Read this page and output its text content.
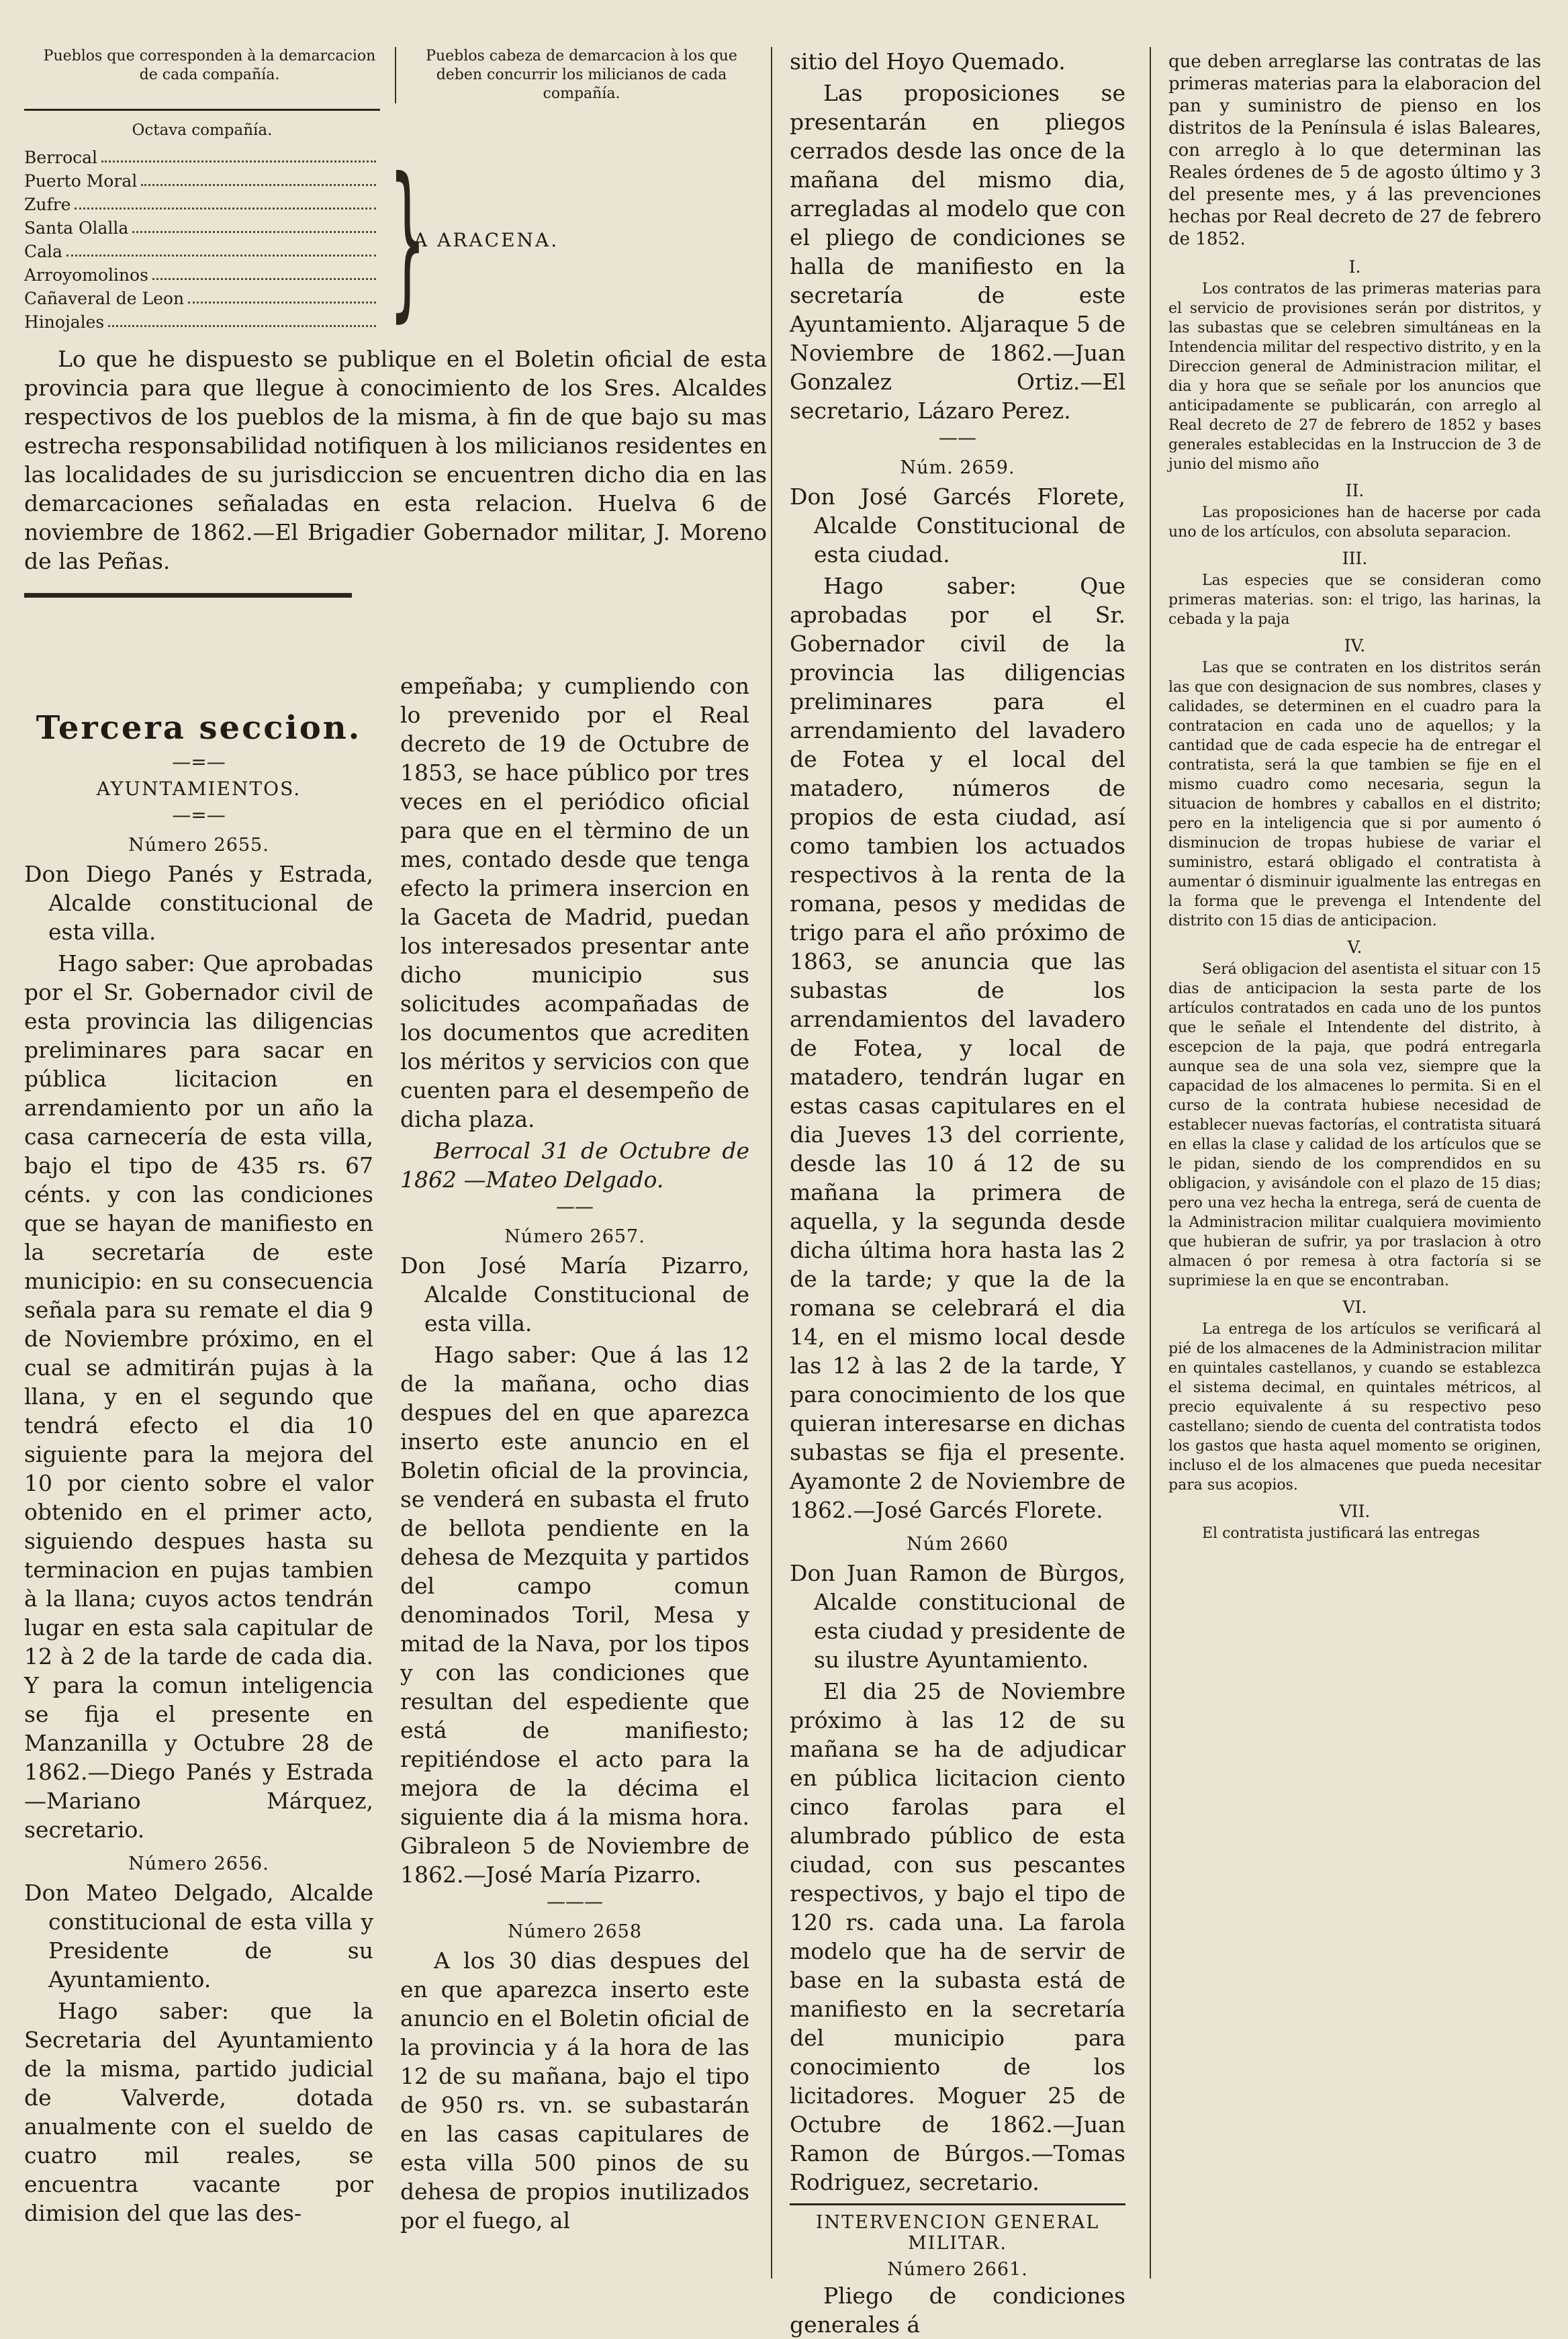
Pueblos que corresponden à la demarcacion de cada compañía.
Pueblos cabeza de demarcacion à los que deben concurrir los milicianos de cada compañía.
Octava compañía.
Berrocal
Puerto Moral
Zufre
Santa Olalla
Cala
Arroyomolinos
Cañaveral de Leon
Hinojales }
A ARACENA.

Lo que he dispuesto se publique en el Boletin oficial de esta provincia para que llegue à conocimiento de los Sres. Alcaldes respectivos de los pueblos de la misma, à fin de que bajo su mas estrecha responsabilidad notifiquen à los milicianos residentes en las localidades de su jurisdiccion se encuentren dicho dia en las demarcaciones señaladas en esta relacion. Huelva 6 de noviembre de 1862.—El Brigadier Gobernador militar, J. Moreno de las Peñas.

Tercera seccion.
—=—
AYUNTAMIENTOS.
—=—
Número 2655.

Don Diego Panés y Estrada, Alcalde constitucional de esta villa.

Hago saber: Que aprobadas por el Sr. Gobernador civil de esta provincia las diligencias preliminares para sacar en pública licitacion en arrendamiento por un año la casa carnecería de esta villa, bajo el tipo de 435 rs. 67 cénts. y con las condiciones que se hayan de manifiesto en la secretaría de este municipio: en su consecuencia señala para su remate el dia 9 de Noviembre próximo, en el cual se admitirán pujas à la llana, y en el segundo que tendrá efecto el dia 10 siguiente para la mejora del 10 por ciento sobre el valor obtenido en el primer acto, siguiendo despues hasta su terminacion en pujas tambien à la llana; cuyos actos tendrán lugar en esta sala capitular de 12 à 2 de la tarde de cada dia. Y para la comun inteligencia se fija el presente en Manzanilla y Octubre 28 de 1862.—Diego Panés y Estrada —Mariano Márquez, secretario.

Número 2656.

Don Mateo Delgado, Alcalde constitucional de esta villa y Presidente de su Ayuntamiento.

Hago saber: que la Secretaria del Ayuntamiento de la misma, partido judicial de Valverde, dotada anualmente con el sueldo de cuatro mil reales, se encuentra vacante por dimision del que las des-

empeñaba; y cumpliendo con lo prevenido por el Real decreto de 19 de Octubre de 1853, se hace público por tres veces en el periódico oficial para que en el tèrmino de un mes, contado desde que tenga efecto la primera insercion en la Gaceta de Madrid, puedan los interesados presentar ante dicho municipio sus solicitudes acompañadas de los documentos que acrediten los méritos y servicios con que cuenten para el desempeño de dicha plaza.

Berrocal 31 de Octubre de 1862 —Mateo Delgado.

——
Número 2657.

Don José María Pizarro, Alcalde Constitucional de esta villa.

Hago saber: Que á las 12 de la mañana, ocho dias despues del en que aparezca inserto este anuncio en el Boletin oficial de la provincia, se venderá en subasta el fruto de bellota pendiente en la dehesa de Mezquita y partidos del campo comun denominados Toril, Mesa y mitad de la Nava, por los tipos y con las condiciones que resultan del espediente que está de manifiesto; repitiéndose el acto para la mejora de la décima el siguiente dia á la misma hora. Gibraleon 5 de Noviembre de 1862.—José María Pizarro.

———
Número 2658

A los 30 dias despues del en que aparezca inserto este anuncio en el Boletin oficial de la provincia y á la hora de las 12 de su mañana, bajo el tipo de 950 rs. vn. se subastarán en las casas capitulares de esta villa 500 pinos de su dehesa de propios inutilizados por el fuego, al

sitio del Hoyo Quemado.

Las proposiciones se presentarán en pliegos cerrados desde las once de la mañana del mismo dia, arregladas al modelo que con el pliego de condiciones se halla de manifiesto en la secretaría de este Ayuntamiento. Aljaraque 5 de Noviembre de 1862.—Juan Gonzalez Ortiz.—El secretario, Lázaro Perez.

——
Núm. 2659.

Don José Garcés Florete, Alcalde Constitucional de esta ciudad.

Hago saber: Que aprobadas por el Sr. Gobernador civil de la provincia las diligencias preliminares para el arrendamiento del lavadero de Fotea y el local del matadero, números de propios de esta ciudad, así como tambien los actuados respectivos à la renta de la romana, pesos y medidas de trigo para el año próximo de 1863, se anuncia que las subastas de los arrendamientos del lavadero de Fotea, y local de matadero, tendrán lugar en estas casas capitulares en el dia Jueves 13 del corriente, desde las 10 á 12 de su mañana la primera de aquella, y la segunda desde dicha última hora hasta las 2 de la tarde; y que la de la romana se celebrará el dia 14, en el mismo local desde las 12 à las 2 de la tarde, Y para conocimiento de los que quieran interesarse en dichas subastas se fija el presente. Ayamonte 2 de Noviembre de 1862.—José Garcés Florete.

Núm 2660

Don Juan Ramon de Bùrgos, Alcalde constitucional de esta ciudad y presidente de su ilustre Ayuntamiento.

El dia 25 de Noviembre próximo à las 12 de su mañana se ha de adjudicar en pública licitacion ciento cinco farolas para el alumbrado público de esta ciudad, con sus pescantes respectivos, y bajo el tipo de 120 rs. cada una. La farola modelo que ha de servir de base en la subasta está de manifiesto en la secretaría del municipio para conocimiento de los licitadores. Moguer 25 de Octubre de 1862.—Juan Ramon de Búrgos.—Tomas Rodriguez, secretario.

INTERVENCION GENERAL MILITAR.
Número 2661.

Pliego de condiciones generales á

que deben arreglarse las contratas de las primeras materias para la elaboracion del pan y suministro de pienso en los distritos de la Península é islas Baleares, con arreglo à lo que determinan las Reales órdenes de 5 de agosto último y 3 del presente mes, y á las prevenciones hechas por Real decreto de 27 de febrero de 1852.

I.

Los contratos de las primeras materias para el servicio de provisiones serán por distritos, y las subastas que se celebren simultáneas en la Intendencia militar del respectivo distrito, y en la Direccion general de Administracion militar, el dia y hora que se señale por los anuncios que anticipadamente se publicarán, con arreglo al Real decreto de 27 de febrero de 1852 y bases generales establecidas en la Instruccion de 3 de junio del mismo año

II.

Las proposiciones han de hacerse por cada uno de los artículos, con absoluta separacion.

III.

Las especies que se consideran como primeras materias. son: el trigo, las harinas, la cebada y la paja

IV.

Las que se contraten en los distritos serán las que con designacion de sus nombres, clases y calidades, se determinen en el cuadro para la contratacion en cada uno de aquellos; y la cantidad que de cada especie ha de entregar el contratista, será la que tambien se fije en el mismo cuadro como necesaria, segun la situacion de hombres y caballos en el distrito; pero en la inteligencia que si por aumento ó disminucion de tropas hubiese de variar el suministro, estará obligado el contratista à aumentar ó disminuir igualmente las entregas en la forma que le prevenga el Intendente del distrito con 15 dias de anticipacion.

V.

Será obligacion del asentista el situar con 15 dias de anticipacion la sesta parte de los artículos contratados en cada uno de los puntos que le señale el Intendente del distrito, à escepcion de la paja, que podrá entregarla aunque sea de una sola vez, siempre que la capacidad de los almacenes lo permita. Si en el curso de la contrata hubiese necesidad de establecer nuevas factorías, el contratista situará en ellas la clase y calidad de los artículos que se le pidan, siendo de los comprendidos en su obligacion, y avisándole con el plazo de 15 dias; pero una vez hecha la entrega, será de cuenta de la Administracion militar cualquiera movimiento que hubieran de sufrir, ya por traslacion à otro almacen ó por remesa à otra factoría si se suprimiese la en que se encontraban.

VI.

La entrega de los artículos se verificará al pié de los almacenes de la Administracion militar en quintales castellanos, y cuando se establezca el sistema decimal, en quintales métricos, al precio equivalente á su respectivo peso castellano; siendo de cuenta del contratista todos los gastos que hasta aquel momento se originen, incluso el de los almacenes que pueda necesitar para sus acopios.

VII.

El contratista justificará las entregas
